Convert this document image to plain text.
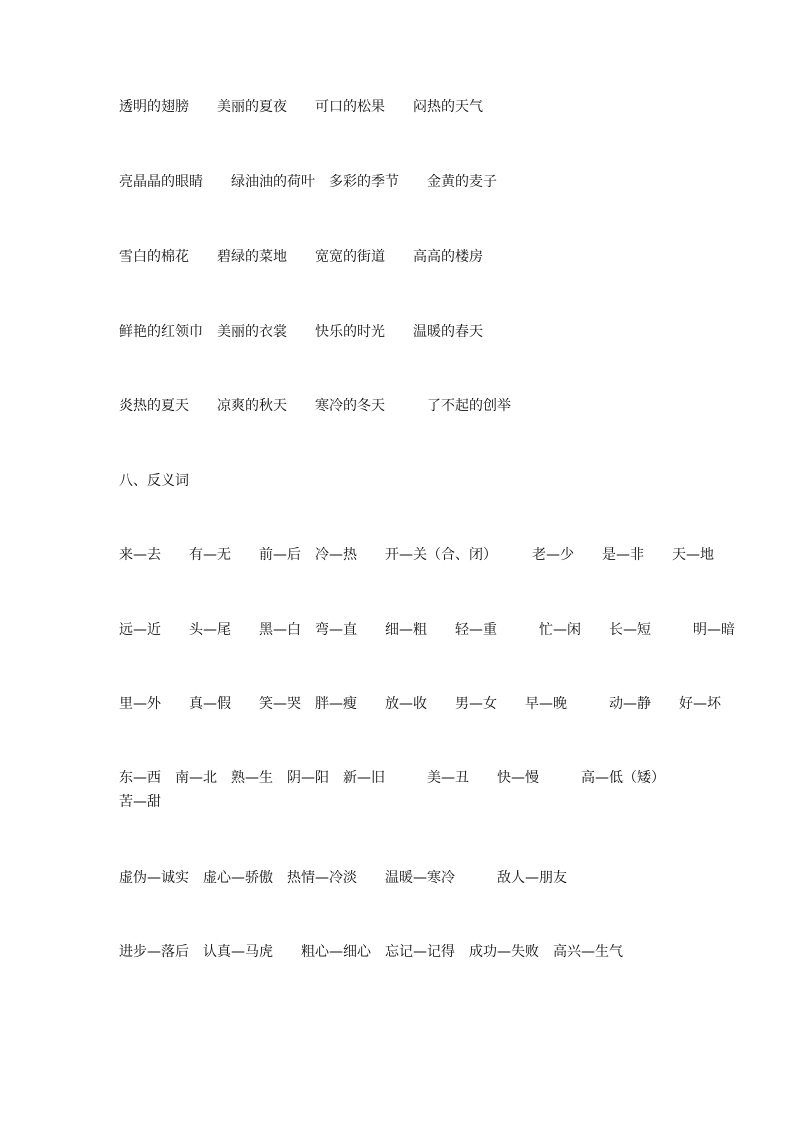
透明的翅膀　　美丽的夏夜　　可口的松果　　闷热的天气
亮晶晶的眼睛　　绿油油的荷叶　多彩的季节　　金黄的麦子
雪白的棉花　　碧绿的菜地　　宽宽的街道　　高高的楼房
鲜艳的红领巾　美丽的衣裳　　快乐的时光　　温暖的春天
炎热的夏天　　凉爽的秋天　　寒冷的冬天　　　了不起的创举
八、反义词
来—去　　有—无　　前—后　冷—热　　开—关（合、闭）　　　老—少　　是—非　　天—地
远—近　　头—尾　　黑—白　弯—直　　细—粗　　轻—重　　　忙—闲　　长—短　　　明—暗
里—外　　真—假　　笑—哭　胖—瘦　　放—收　　男—女　　早—晚　　　动—静　　好—坏
东—西　南—北　熟—生　阴—阳　新—旧　　　美—丑　　快—慢　　　高—低（矮）　苦—甜
虚伪—诚实　虚心—骄傲　热情—冷淡　　温暖—寒冷　　　敌人—朋友
进步—落后　认真—马虎　　粗心—细心　忘记—记得　成功—失败　高兴—生气
